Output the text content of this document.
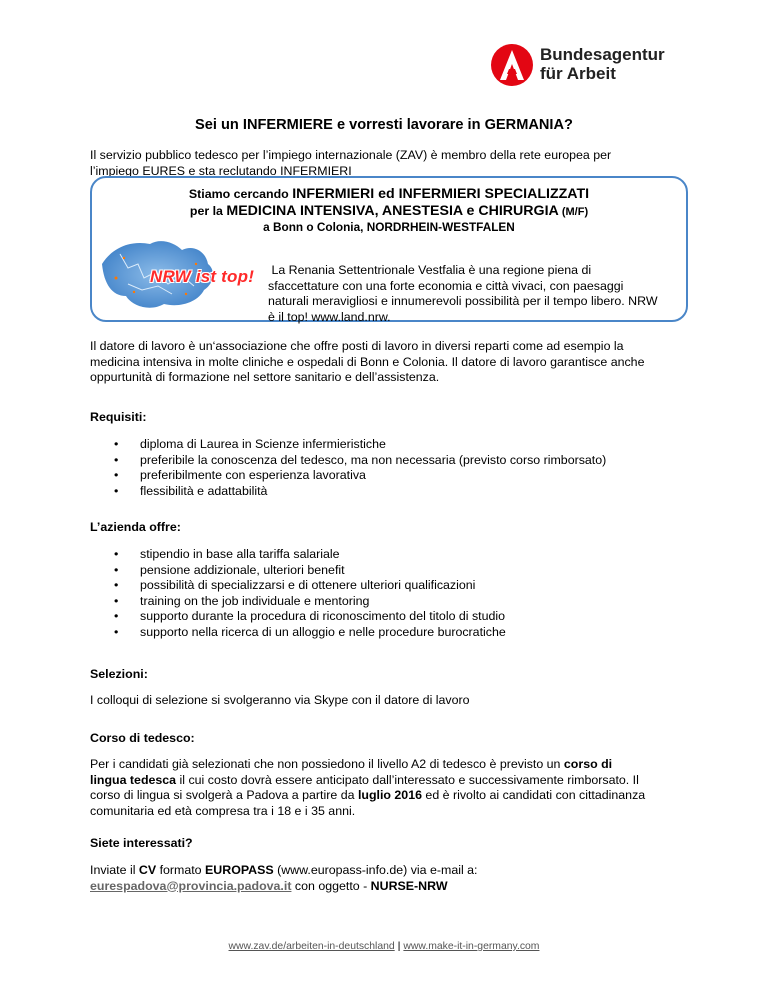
Bundesagentur
für Arbeit
Sei un INFERMIERE e vorresti lavorare in GERMANIA?
Il servizio pubblico tedesco per l’impiego internazionale (ZAV) è membro della rete europea per
l’impiego EURES e sta reclutando INFERMIERI
Stiamo cercando INFERMIERI ed INFERMIERI SPECIALIZZATI
per la MEDICINA INTENSIVA, ANESTESIA e CHIRURGIA (M/F)
a Bonn o Colonia, NORDRHEIN-WESTFALEN
NRW ist top! La Renania Settentrionale Vestfalia è una regione piena di
sfaccettature con una forte economia e città vivaci, con paesaggi
naturali meravigliosi e innumerevoli possibilità per il tempo libero. NRW
è il top! www.land.nrw.
Il datore di lavoro è un‘associazione che offre posti di lavoro in diversi reparti come ad esempio la
medicina intensiva in molte cliniche e ospedali di Bonn e Colonia. Il datore di lavoro garantisce anche
oppurtunità di formazione nel settore sanitario e dell’assistenza.
Requisiti:
• diploma di Laurea in Scienze infermieristiche
• preferibile la conoscenza del tedesco, ma non necessaria (previsto corso rimborsato)
• preferibilmente con esperienza lavorativa
• flessibilità e adattabilità
L’azienda offre:
• stipendio in base alla tariffa salariale
• pensione addizionale, ulteriori benefit
• possibilità di specializzarsi e di ottenere ulteriori qualificazioni
• training on the job individuale e mentoring
• supporto durante la procedura di riconoscimento del titolo di studio
• supporto nella ricerca di un alloggio e nelle procedure burocratiche
Selezioni:
I colloqui di selezione si svolgeranno via Skype con il datore di lavoro
Corso di tedesco:
Per i candidati già selezionati che non possiedono il livello A2 di tedesco è previsto un corso di
lingua tedesca il cui costo dovrà essere anticipato dall’interessato e successivamente rimborsato. Il
corso di lingua si svolgerà a Padova a partire da luglio 2016 ed è rivolto ai candidati con cittadinanza
comunitaria ed età compresa tra i 18 e i 35 anni.
Siete interessati?
Inviate il CV formato EUROPASS (www.europass-info.de) via e-mail a:
eurespadova@provincia.padova.it con oggetto - NURSE-NRW
www.zav.de/arbeiten-in-deutschland | www.make-it-in-germany.com
